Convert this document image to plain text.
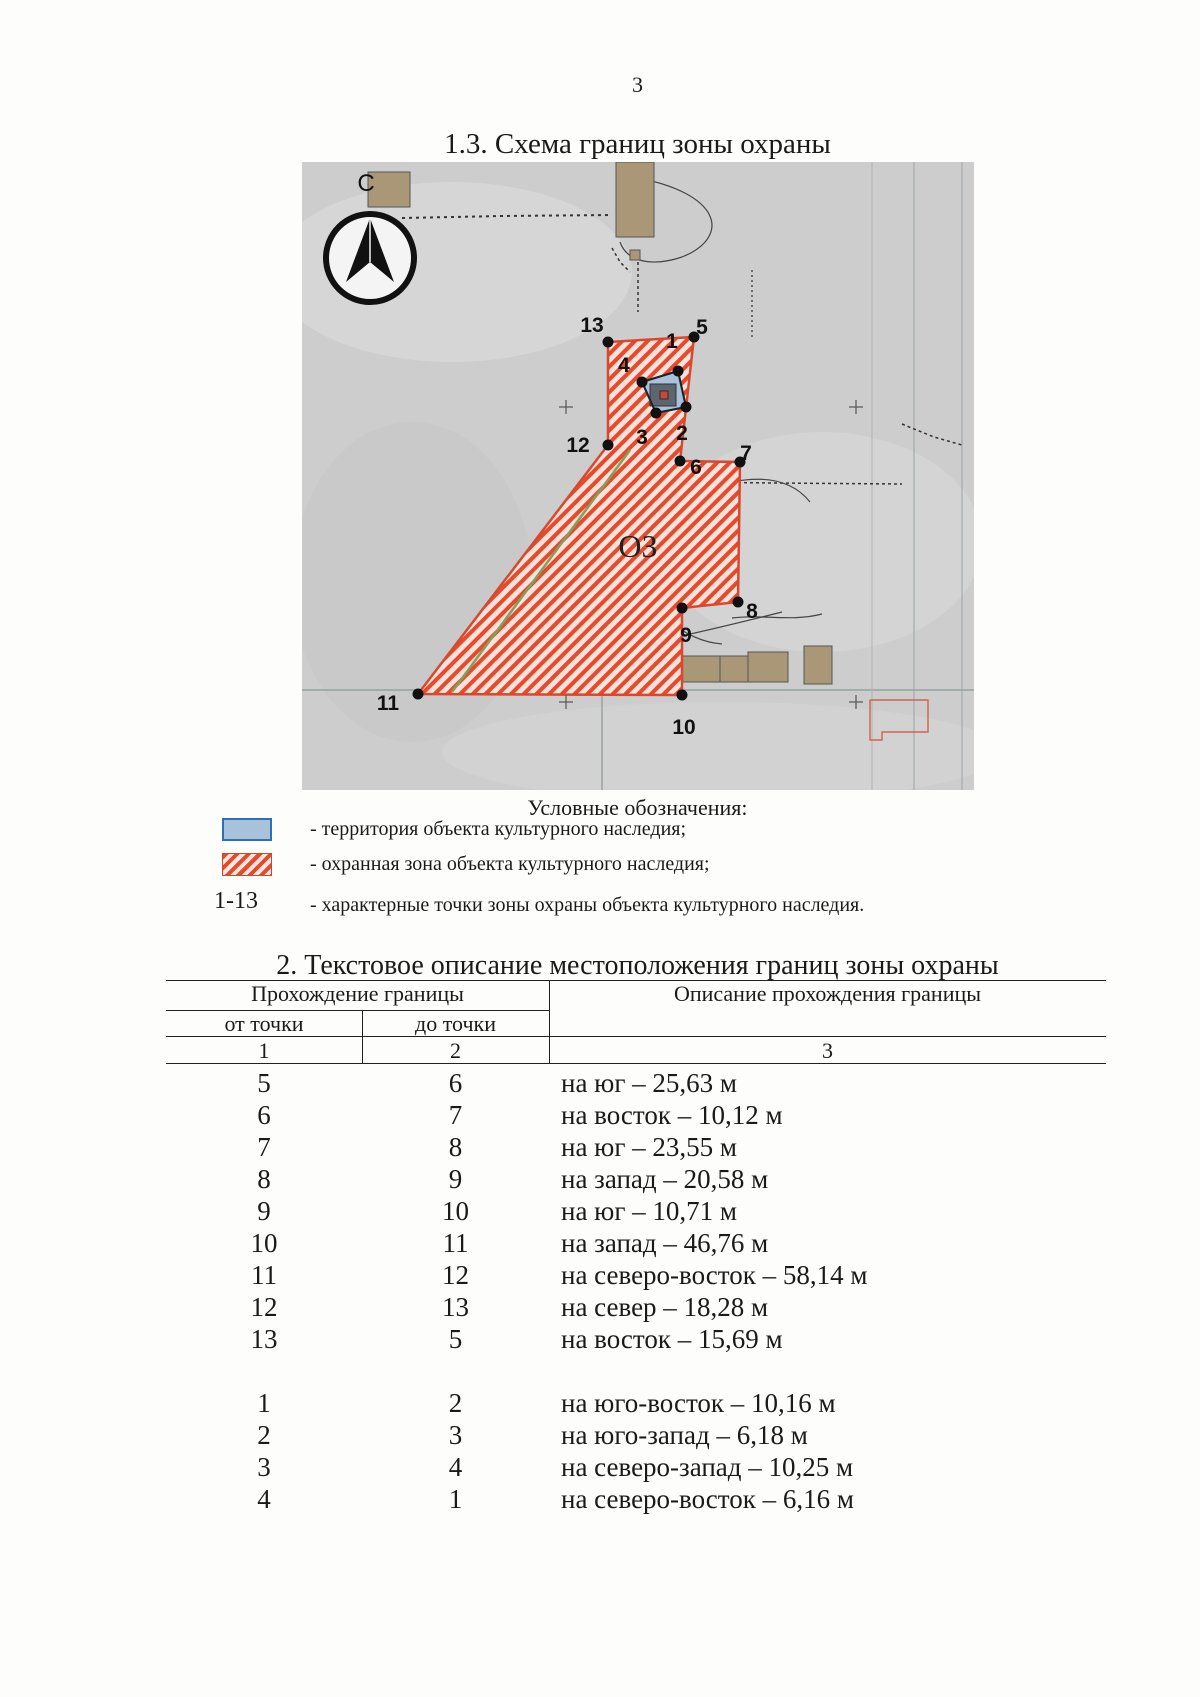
3
1.3. Схема границ зоны охраны
С
ОЗ
1
2
3
4
5
6
7
8
9
10
11
12
13
Условные обозначения:
- территория объекта культурного наследия;
- охранная зона объекта культурного наследия;
1-13	- характерные точки зоны охраны объекта культурного наследия.
2. Текстовое описание местоположения границ зоны охраны
Прохождение границы
от точки	до точки
Описание прохождения границы
1	2	3
5	6	на юг – 25,63 м
6	7	на восток – 10,12 м
7	8	на юг – 23,55 м
8	9	на запад – 20,58 м
9	10	на юг – 10,71 м
10	11	на запад – 46,76 м
11	12	на северо-восток – 58,14 м
12	13	на север – 18,28 м
13	5	на восток – 15,69 м
1	2	на юго-восток – 10,16 м
2	3	на юго-запад – 6,18 м
3	4	на северо-запад – 10,25 м
4	1	на северо-восток – 6,16 м
